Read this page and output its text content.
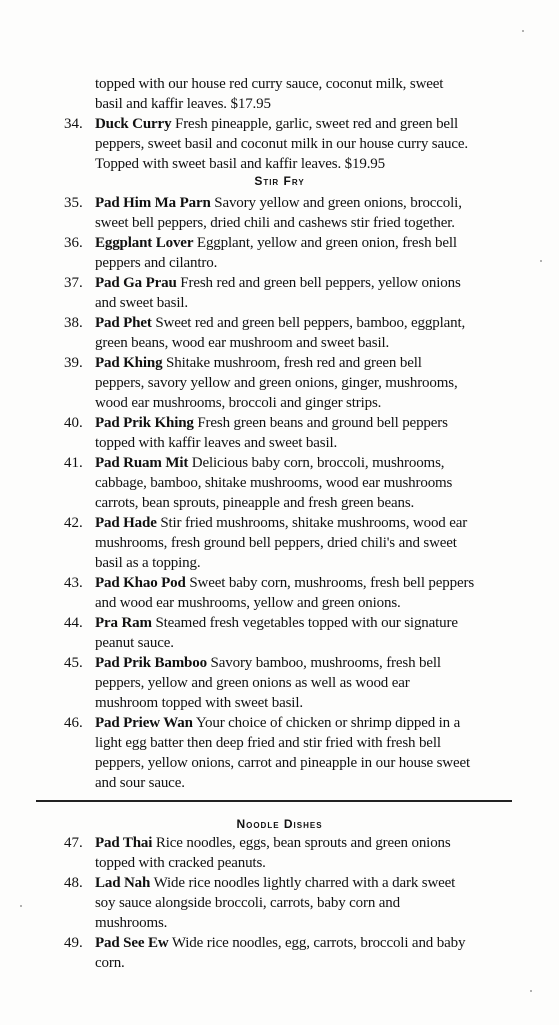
topped with our house red curry sauce, coconut milk, sweet
basil and kaffir leaves. $17.95
34. Duck Curry Fresh pineapple, garlic, sweet red and green bell
peppers, sweet basil and coconut milk in our house curry sauce.
Topped with sweet basil and kaffir leaves. $19.95
Stir Fry
35. Pad Him Ma Parn Savory yellow and green onions, broccoli,
sweet bell peppers, dried chili and cashews stir fried together.
36. Eggplant Lover Eggplant, yellow and green onion, fresh bell
peppers and cilantro.
37. Pad Ga Prau Fresh red and green bell peppers, yellow onions
and sweet basil.
38. Pad Phet Sweet red and green bell peppers, bamboo, eggplant,
green beans, wood ear mushroom and sweet basil.
39. Pad Khing Shitake mushroom, fresh red and green bell
peppers, savory yellow and green onions, ginger, mushrooms,
wood ear mushrooms, broccoli and ginger strips.
40. Pad Prik Khing Fresh green beans and ground bell peppers
topped with kaffir leaves and sweet basil.
41. Pad Ruam Mit Delicious baby corn, broccoli, mushrooms,
cabbage, bamboo, shitake mushrooms, wood ear mushrooms
carrots, bean sprouts, pineapple and fresh green beans.
42. Pad Hade Stir fried mushrooms, shitake mushrooms, wood ear
mushrooms, fresh ground bell peppers, dried chili's and sweet
basil as a topping.
43. Pad Khao Pod Sweet baby corn, mushrooms, fresh bell peppers
and wood ear mushrooms, yellow and green onions.
44. Pra Ram Steamed fresh vegetables topped with our signature
peanut sauce.
45. Pad Prik Bamboo Savory bamboo, mushrooms, fresh bell
peppers, yellow and green onions as well as wood ear
mushroom topped with sweet basil.
46. Pad Priew Wan Your choice of chicken or shrimp dipped in a
light egg batter then deep fried and stir fried with fresh bell
peppers, yellow onions, carrot and pineapple in our house sweet
and sour sauce.
Noodle Dishes
47. Pad Thai Rice noodles, eggs, bean sprouts and green onions
topped with cracked peanuts.
48. Lad Nah Wide rice noodles lightly charred with a dark sweet
soy sauce alongside broccoli, carrots, baby corn and
mushrooms.
49. Pad See Ew Wide rice noodles, egg, carrots, broccoli and baby
corn.
